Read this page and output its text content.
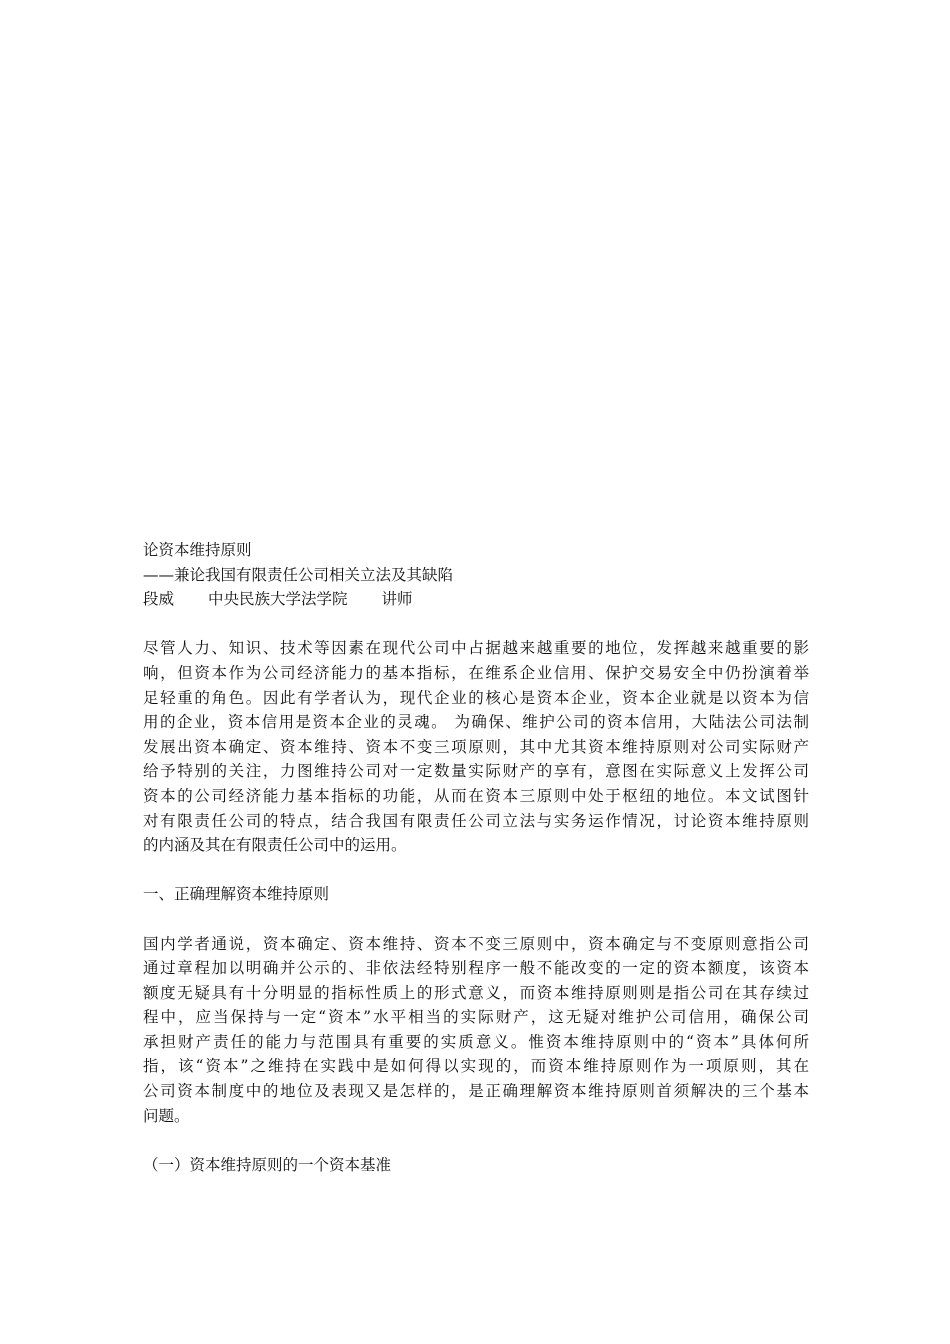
论资本维持原则
——兼论我国有限责任公司相关立法及其缺陷
段威 中央民族大学法学院 讲师

尽管人力、知识、技术等因素在现代公司中占据越来越重要的地位，发挥越来越重要的影
响，但资本作为公司经济能力的基本指标，在维系企业信用、保护交易安全中仍扮演着举
足轻重的角色。因此有学者认为，现代企业的核心是资本企业，资本企业就是以资本为信
用的企业，资本信用是资本企业的灵魂。 为确保、维护公司的资本信用，大陆法公司法制
发展出资本确定、资本维持、资本不变三项原则，其中尤其资本维持原则对公司实际财产
给予特别的关注，力图维持公司对一定数量实际财产的享有，意图在实际意义上发挥公司
资本的公司经济能力基本指标的功能，从而在资本三原则中处于枢纽的地位。本文试图针
对有限责任公司的特点，结合我国有限责任公司立法与实务运作情况，讨论资本维持原则
的内涵及其在有限责任公司中的运用。

一、正确理解资本维持原则

国内学者通说，资本确定、资本维持、资本不变三原则中，资本确定与不变原则意指公司
通过章程加以明确并公示的、非依法经特别程序一般不能改变的一定的资本额度，该资本
额度无疑具有十分明显的指标性质上的形式意义，而资本维持原则则是指公司在其存续过
程中，应当保持与一定“资本”水平相当的实际财产，这无疑对维护公司信用，确保公司
承担财产责任的能力与范围具有重要的实质意义。惟资本维持原则中的“资本”具体何所
指，该“资本”之维持在实践中是如何得以实现的，而资本维持原则作为一项原则，其在
公司资本制度中的地位及表现又是怎样的，是正确理解资本维持原则首须解决的三个基本
问题。

（一）资本维持原则的一个资本基准
